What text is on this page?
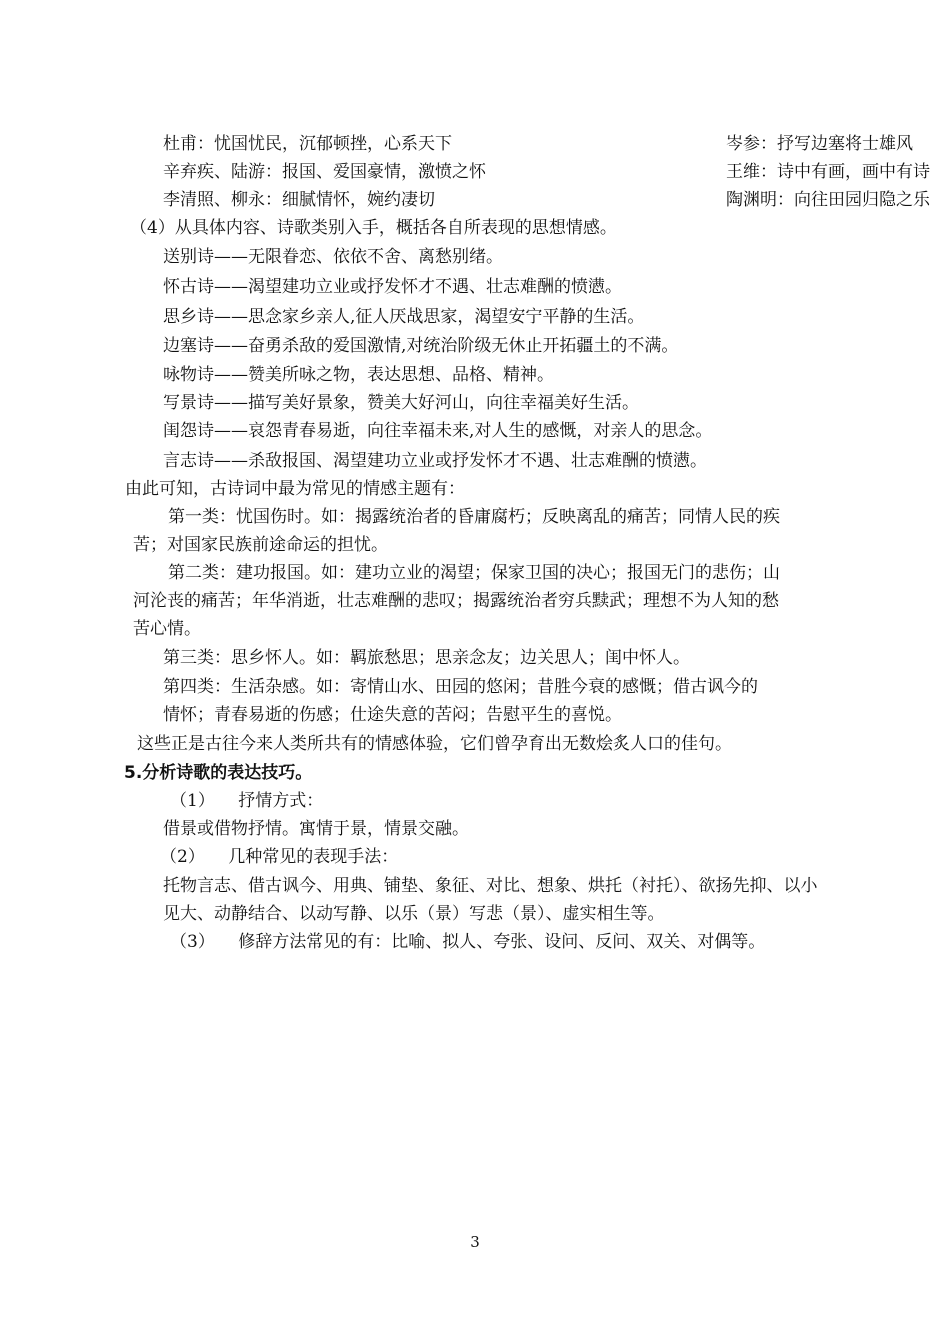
杜甫：忧国忧民，沉郁顿挫，心系天下	岑参：抒写边塞将士雄风
辛弃疾、陆游：报国、爱国豪情，激愤之怀	王维：诗中有画，画中有诗
李清照、柳永：细腻情怀，婉约凄切	陶渊明：向往田园归隐之乐
（4）从具体内容、诗歌类别入手，概括各自所表现的思想情感。
送别诗——无限眷恋、依依不舍、离愁别绪。
怀古诗——渴望建功立业或抒发怀才不遇、壮志难酬的愤懑。
思乡诗——思念家乡亲人,征人厌战思家，渴望安宁平静的生活。
边塞诗——奋勇杀敌的爱国激情,对统治阶级无休止开拓疆土的不满。
咏物诗——赞美所咏之物，表达思想、品格、精神。
写景诗——描写美好景象，赞美大好河山，向往幸福美好生活。
闺怨诗——哀怨青春易逝，向往幸福未来,对人生的感慨，对亲人的思念。
言志诗——杀敌报国、渴望建功立业或抒发怀才不遇、壮志难酬的愤懑。
由此可知，古诗词中最为常见的情感主题有：
第一类：忧国伤时。如：揭露统治者的昏庸腐朽；反映离乱的痛苦；同情人民的疾
苦；对国家民族前途命运的担忧。
第二类：建功报国。如：建功立业的渴望；保家卫国的决心；报国无门的悲伤；山
河沦丧的痛苦；年华消逝，壮志难酬的悲叹；揭露统治者穷兵黩武；理想不为人知的愁
苦心情。
第三类：思乡怀人。如：羁旅愁思；思亲念友；边关思人；闺中怀人。
第四类：生活杂感。如：寄情山水、田园的悠闲；昔胜今衰的感慨；借古讽今的
情怀；青春易逝的伤感；仕途失意的苦闷；告慰平生的喜悦。
这些正是古往今来人类所共有的情感体验，它们曾孕育出无数烩炙人口的佳句。
5.分析诗歌的表达技巧。
（1） 抒情方式：
借景或借物抒情。寓情于景，情景交融。
（2） 几种常见的表现手法：
托物言志、借古讽今、用典、铺垫、象征、对比、想象、烘托（衬托）、欲扬先抑、以小
见大、动静结合、以动写静、以乐（景）写悲（景）、虚实相生等。
（3） 修辞方法常见的有：比喻、拟人、夸张、设问、反问、双关、对偶等。
3
